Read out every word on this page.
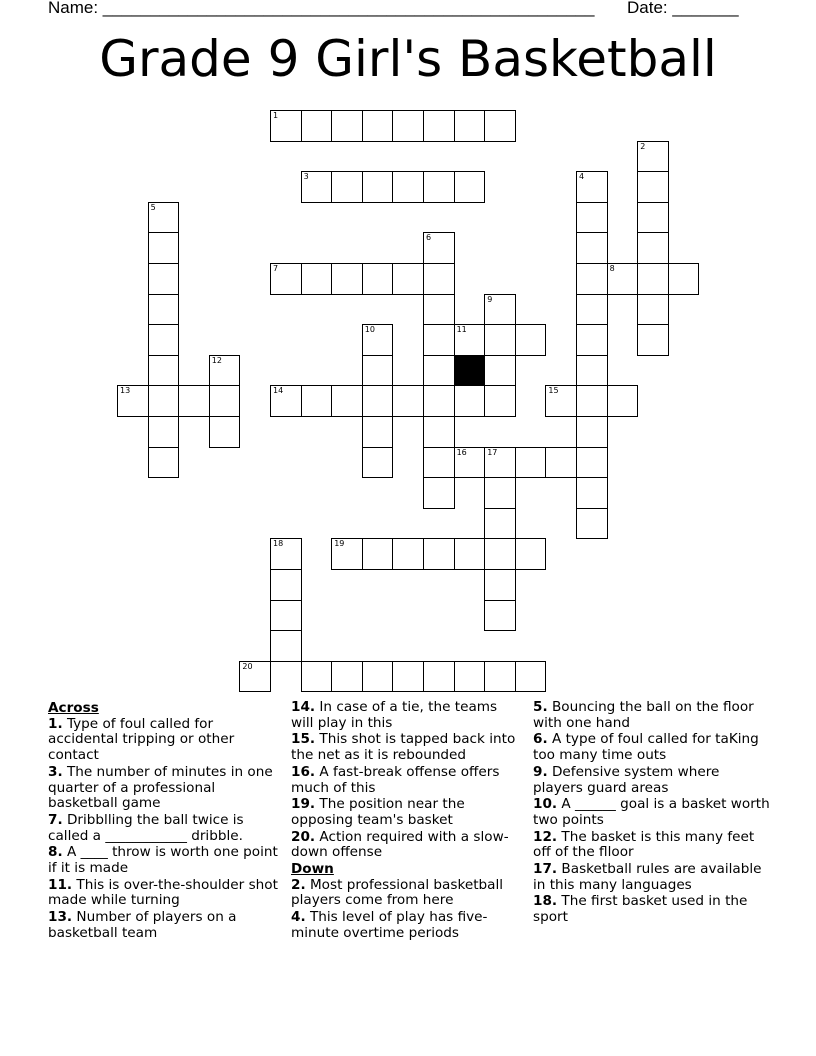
Name: ____________________________________________________ Date: _______
Grade 9 Girl's Basketball
1
2
3	4
5
6
7	8
9
10	11
12
13	14	15
16	17
18	19
20
Across
1. Type of foul called for accidental tripping or other contact
3. The number of minutes in one quarter of a professional basketball game
7. Dribblling the ball twice is called a ____________ dribble.
8. A ____ throw is worth one point if it is made
11. This is over-the-shoulder shot made while turning
13. Number of players on a basketball team
14. In case of a tie, the teams will play in this
15. This shot is tapped back into the net as it is rebounded
16. A fast-break offense offers much of this
19. The position near the opposing team's basket
20. Action required with a slow-down offense
Down
2. Most professional basketball players come from here
4. This level of play has five-minute overtime periods
5. Bouncing the ball on the floor with one hand
6. A type of foul called for taKing too many time outs
9. Defensive system where players guard areas
10. A ______ goal is a basket worth two points
12. The basket is this many feet off of the flloor
17. Basketball rules are available in this many languages
18. The first basket used in the sport
